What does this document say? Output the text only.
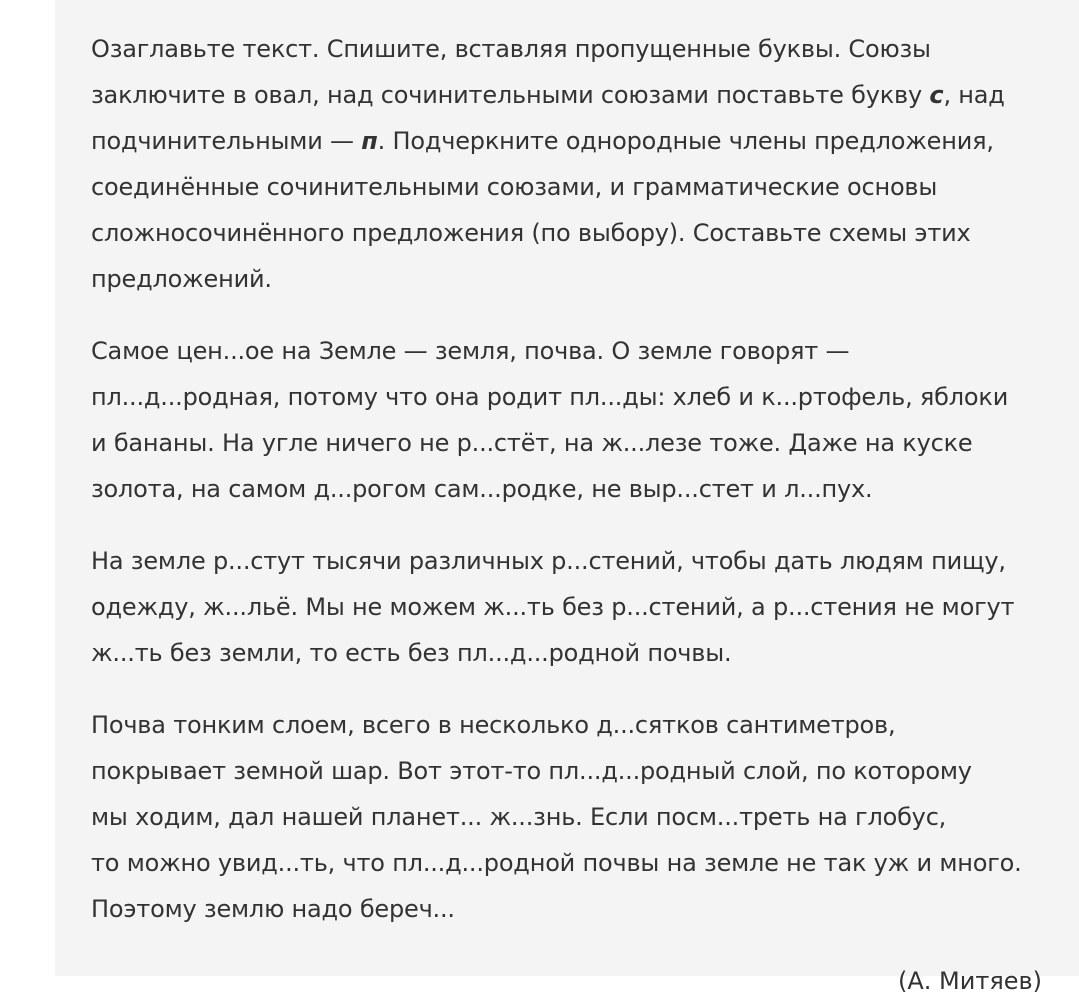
Озаглавьте текст. Спишите, вставляя пропущенные буквы. Союзы
заключите в овал, над сочинительными союзами поставьте букву с, над
подчинительными — п. Подчеркните однородные члены предложения,
соединённые сочинительными союзами, и грамматические основы
сложносочинённого предложения (по выбору). Составьте схемы этих
предложений.
Самое цен...ое на Земле — земля, почва. О земле говорят —
пл...д...родная, потому что она родит пл...ды: хлеб и к...ртофель, яблоки
и бананы. На угле ничего не р...стёт, на ж...лезе тоже. Даже на куске
золота, на самом д...рогом сам...родке, не выр...стет и л...пух.
На земле р...стут тысячи различных р...стений, чтобы дать людям пищу,
одежду, ж...льё. Мы не можем ж...ть без р...стений, а р...стения не могут
ж...ть без земли, то есть без пл...д...родной почвы.
Почва тонким слоем, всего в несколько д...сятков сантиметров,
покрывает земной шар. Вот этот-то пл...д...родный слой, по которому
мы ходим, дал нашей планет... ж...знь. Если посм...треть на глобус,
то можно увид...ть, что пл...д...родной почвы на земле не так уж и много.
Поэтому землю надо береч...
(А. Митяев)
